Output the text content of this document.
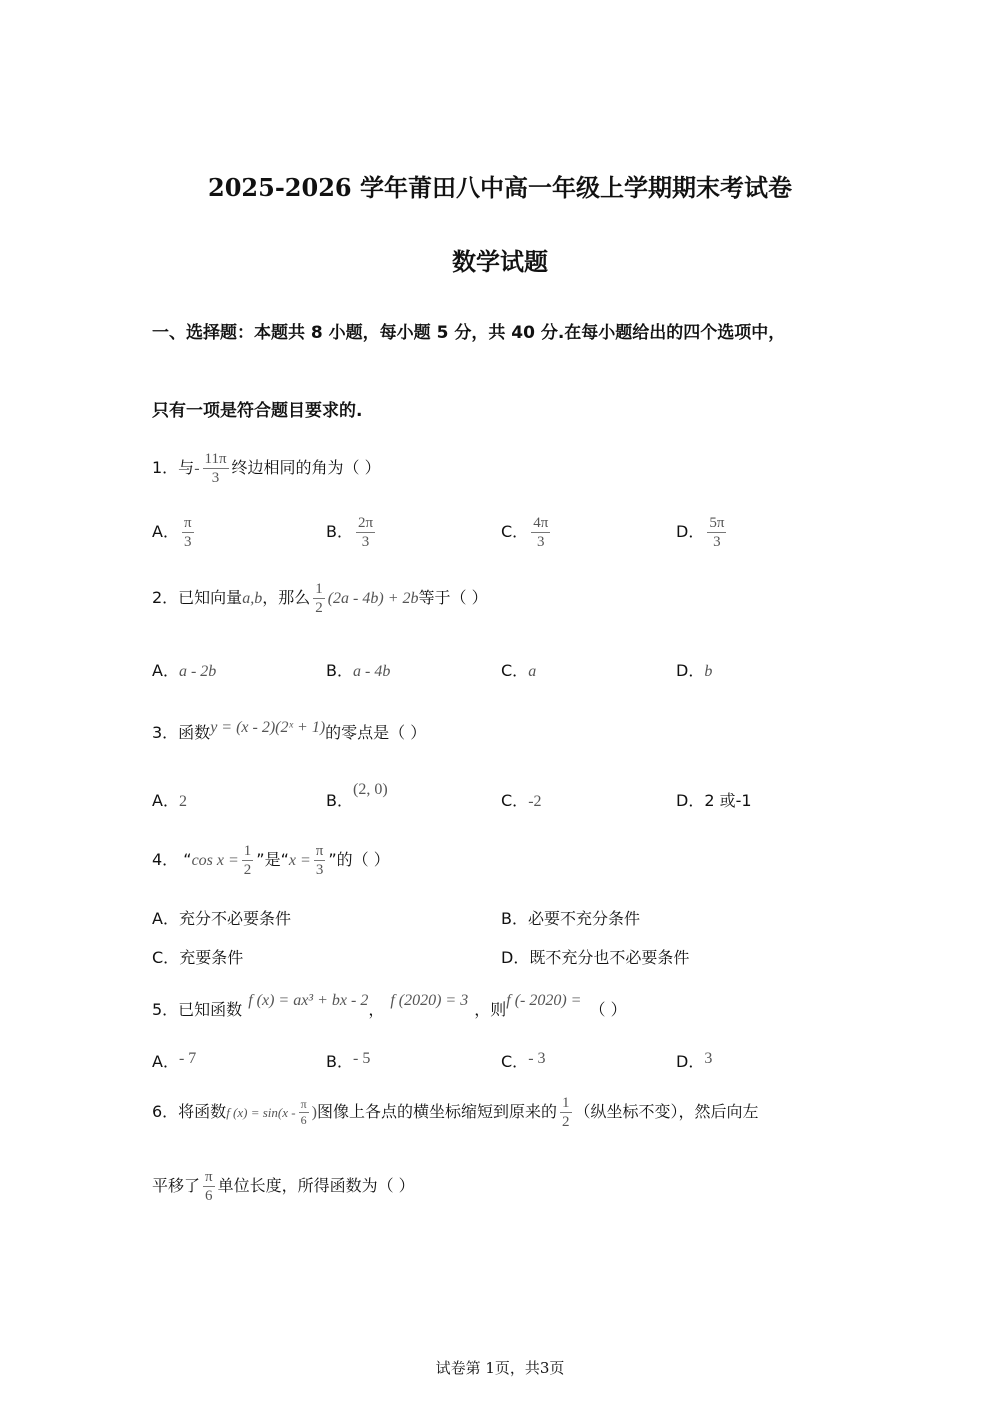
2025-2026 学年莆田八中高一年级上学期期末考试卷
数学试题
一、选择题：本题共 8 小题，每小题 5 分，共 40 分.在每小题给出的四个选项中，
只有一项是符合题目要求的.
1．与- $\frac{11\pi}{3}$ 终边相同的角为（ ）
A． $\frac{\pi}{3}$	B． $\frac{2\pi}{3}$	C． $\frac{4\pi}{3}$	D． $\frac{5\pi}{3}$
2．已知向量a,b，那么 $\frac{1}{2} (2a - 4b) + 2b$等于（ ）
A．a - 2b	B．a - 4b	C．a	D．b
3．函数y = (x - 2)(2ˣ + 1)的零点是（ ）
A．2	B．(2, 0)
C．-2	D．2 或-1
4． “cos $x = \frac{1}{2}$ ”是“$x = \frac{\pi}{3}$ ”的（ ）
A．充分不必要条件	B．必要不充分条件
C．充要条件	D．既不充分也不必要条件
5．已知函数 f (x) = ax³ + bx - 2， f (2020) = 3 ，则f (- 2020) = （ ）
A．- 7	B．- 5	C．- 3	D．3
6．将函数f $(x) = \sin(x - \frac{\pi}{6}$ )图像上各点的横坐标缩短到原来的 $\frac{1}{2}$ （纵坐标不变），然后向左
平移了 $\frac{\pi}{6}$ 单位长度，所得函数为（ ）
试卷第 1页，共3页
